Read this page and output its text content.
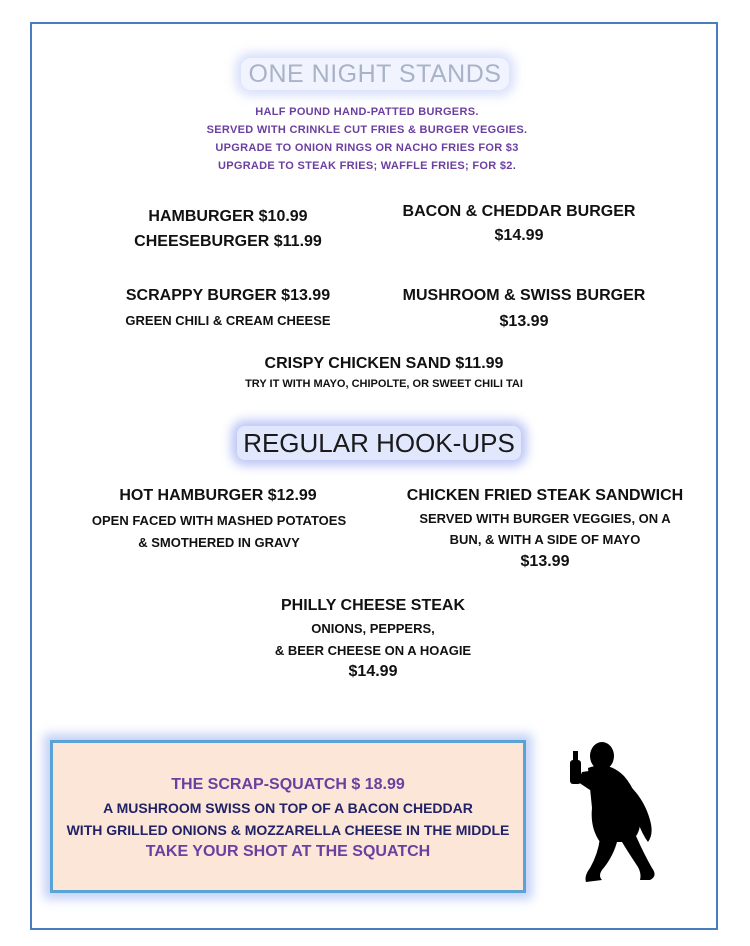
ONE NIGHT STANDS
HALF POUND HAND-PATTED BURGERS.
SERVED WITH CRINKLE CUT FRIES & BURGER VEGGIES.
UPGRADE TO ONION RINGS OR NACHO FRIES FOR $3
UPGRADE TO STEAK FRIES; WAFFLE FRIES; FOR $2.
HAMBURGER $10.99
CHEESEBURGER $11.99
BACON & CHEDDAR BURGER
$14.99
SCRAPPY BURGER $13.99
GREEN CHILI & CREAM CHEESE
MUSHROOM & SWISS BURGER
$13.99
CRISPY CHICKEN SAND $11.99
TRY IT WITH MAYO, CHIPOLTE, OR SWEET CHILI TAI
REGULAR HOOK-UPS
HOT HAMBURGER $12.99
OPEN FACED WITH MASHED POTATOES
& SMOTHERED IN GRAVY
CHICKEN FRIED STEAK SANDWICH
SERVED WITH BURGER VEGGIES, ON A
BUN, & WITH A SIDE OF MAYO
$13.99
PHILLY CHEESE STEAK
ONIONS, PEPPERS,
& BEER CHEESE ON A HOAGIE
$14.99
THE SCRAP-SQUATCH $ 18.99
A MUSHROOM SWISS ON TOP OF A BACON CHEDDAR
WITH GRILLED ONIONS & MOZZARELLA CHEESE IN THE MIDDLE
TAKE YOUR SHOT AT THE SQUATCH
